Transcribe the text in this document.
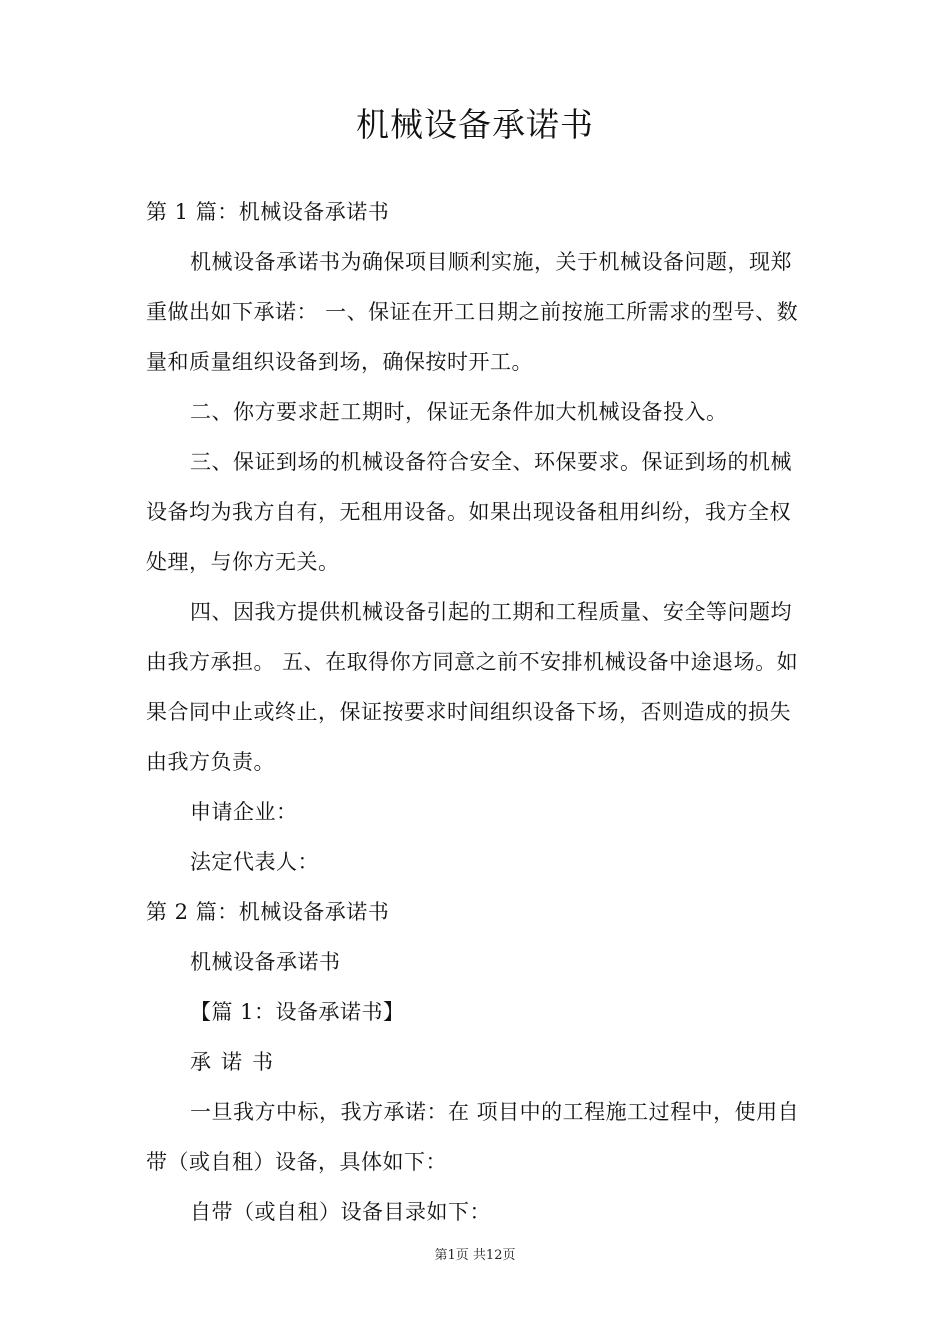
机械设备承诺书

第 1 篇：机械设备承诺书

机械设备承诺书为确保项目顺利实施，关于机械设备问题，现郑重做出如下承诺： 一、保证在开工日期之前按施工所需求的型号、数量和质量组织设备到场，确保按时开工。

二、你方要求赶工期时，保证无条件加大机械设备投入。

三、保证到场的机械设备符合安全、环保要求。保证到场的机械设备均为我方自有，无租用设备。如果出现设备租用纠纷，我方全权处理，与你方无关。

四、因我方提供机械设备引起的工期和工程质量、安全等问题均由我方承担。 五、在取得你方同意之前不安排机械设备中途退场。如果合同中止或终止，保证按要求时间组织设备下场，否则造成的损失由我方负责。

申请企业：

法定代表人：

第 2 篇：机械设备承诺书

机械设备承诺书

【篇 1：设备承诺书】

承诺书

一旦我方中标，我方承诺：在 项目中的工程施工过程中，使用自带（或自租）设备，具体如下：

自带（或自租）设备目录如下：

第1页 共12页
